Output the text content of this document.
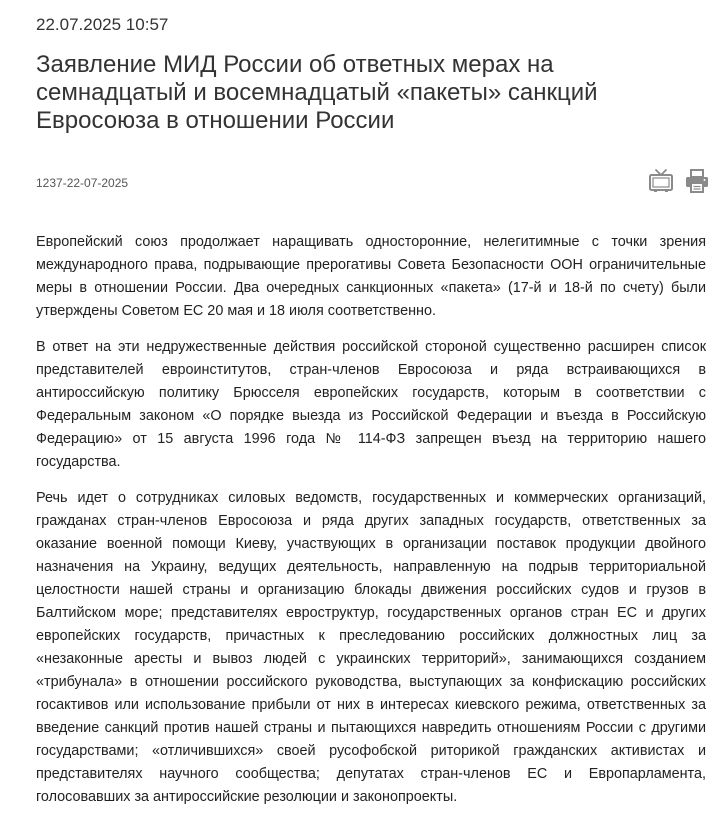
22.07.2025 10:57
Заявление МИД России об ответных мерах на семнадцатый и восемнадцатый «пакеты» санкций Евросоюза в отношении России
1237-22-07-2025

Европейский союз продолжает наращивать односторонние, нелегитимные с точки зрения международного права, подрывающие прерогативы Совета Безопасности ООН ограничительные меры в отношении России. Два очередных санкционных «пакета» (17-й и 18-й по счету) были утверждены Советом ЕС 20 мая и 18 июля соответственно.

В ответ на эти недружественные действия российской стороной существенно расширен список представителей евроинститутов, стран-членов Евросоюза и ряда встраивающихся в антироссийскую политику Брюсселя европейских государств, которым в соответствии с Федеральным законом «О порядке выезда из Российской Федерации и въезда в Российскую Федерацию» от 15 августа 1996 года № 114-ФЗ запрещен въезд на территорию нашего государства.

Речь идет о сотрудниках силовых ведомств, государственных и коммерческих организаций, гражданах стран-членов Евросоюза и ряда других западных государств, ответственных за оказание военной помощи Киеву, участвующих в организации поставок продукции двойного назначения на Украину, ведущих деятельность, направленную на подрыв территориальной целостности нашей страны и организацию блокады движения российских судов и грузов в Балтийском море; представителях евроструктур, государственных органов стран ЕС и других европейских государств, причастных к преследованию российских должностных лиц за «незаконные аресты и вывоз людей с украинских территорий», занимающихся созданием «трибунала» в отношении российского руководства, выступающих за конфискацию российских госактивов или использование прибыли от них в интересах киевского режима, ответственных за введение санкций против нашей страны и пытающихся навредить отношениям России с другими государствами; «отличившихся» своей русофобской риторикой гражданских активистах и представителях научного сообщества; депутатах стран-членов ЕС и Европарламента, голосовавших за антироссийские резолюции и законопроекты.
